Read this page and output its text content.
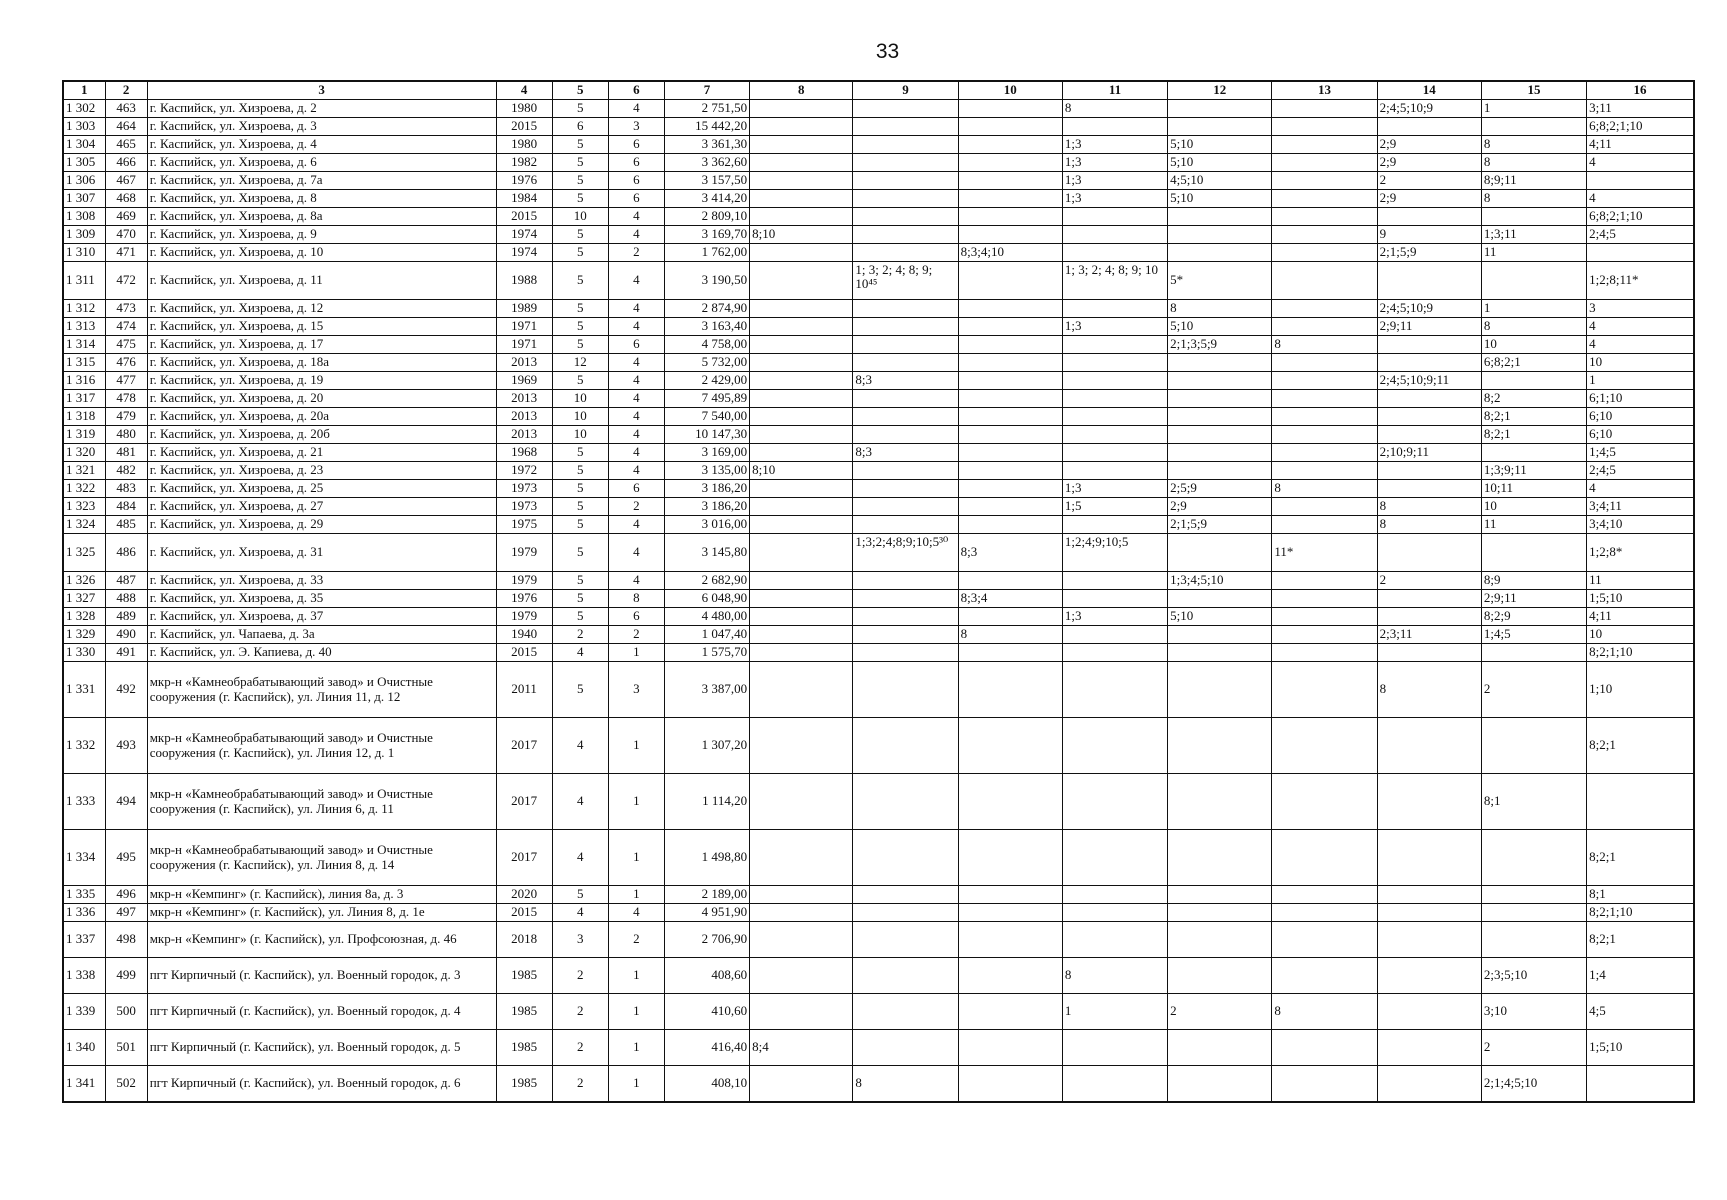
33
1	2	3	4	5	6	7	8	9	10	11	12	13	14	15	16
1 302	463	г. Каспийск, ул. Хизроева, д. 2	1980	5	4	2 751,50				8			2;4;5;10;9	1	3;11
1 303	464	г. Каспийск, ул. Хизроева, д. 3	2015	6	3	15 442,20									6;8;2;1;10
1 304	465	г. Каспийск, ул. Хизроева, д. 4	1980	5	6	3 361,30				1;3	5;10		2;9	8	4;11
1 305	466	г. Каспийск, ул. Хизроева, д. 6	1982	5	6	3 362,60				1;3	5;10		2;9	8	4
1 306	467	г. Каспийск, ул. Хизроева, д. 7а	1976	5	6	3 157,50				1;3	4;5;10		2	8;9;11	
1 307	468	г. Каспийск, ул. Хизроева, д. 8	1984	5	6	3 414,20				1;3	5;10		2;9	8	4
1 308	469	г. Каспийск, ул. Хизроева, д. 8а	2015	10	4	2 809,10									6;8;2;1;10
1 309	470	г. Каспийск, ул. Хизроева, д. 9	1974	5	4	3 169,70	8;10						9	1;3;11	2;4;5
1 310	471	г. Каспийск, ул. Хизроева, д. 10	1974	5	2	1 762,00			8;3;4;10				2;1;5;9	11	
1 311	472	г. Каспийск, ул. Хизроева, д. 11	1988	5	4	3 190,50		1; 3; 2; 4; 8; 9; 10⁴⁵		1; 3; 2; 4; 8; 9; 10	5*				1;2;8;11*
1 312	473	г. Каспийск, ул. Хизроева, д. 12	1989	5	4	2 874,90					8		2;4;5;10;9	1	3
1 313	474	г. Каспийск, ул. Хизроева, д. 15	1971	5	4	3 163,40				1;3	5;10		2;9;11	8	4
1 314	475	г. Каспийск, ул. Хизроева, д. 17	1971	5	6	4 758,00					2;1;3;5;9	8		10	4
1 315	476	г. Каспийск, ул. Хизроева, д. 18а	2013	12	4	5 732,00								6;8;2;1	10
1 316	477	г. Каспийск, ул. Хизроева, д. 19	1969	5	4	2 429,00		8;3					2;4;5;10;9;11		1
1 317	478	г. Каспийск, ул. Хизроева, д. 20	2013	10	4	7 495,89								8;2	6;1;10
1 318	479	г. Каспийск, ул. Хизроева, д. 20а	2013	10	4	7 540,00								8;2;1	6;10
1 319	480	г. Каспийск, ул. Хизроева, д. 20б	2013	10	4	10 147,30								8;2;1	6;10
1 320	481	г. Каспийск, ул. Хизроева, д. 21	1968	5	4	3 169,00		8;3					2;10;9;11		1;4;5
1 321	482	г. Каспийск, ул. Хизроева, д. 23	1972	5	4	3 135,00	8;10							1;3;9;11	2;4;5
1 322	483	г. Каспийск, ул. Хизроева, д. 25	1973	5	6	3 186,20				1;3	2;5;9	8		10;11	4
1 323	484	г. Каспийск, ул. Хизроева, д. 27	1973	5	2	3 186,20				1;5	2;9		8	10	3;4;11
1 324	485	г. Каспийск, ул. Хизроева, д. 29	1975	5	4	3 016,00					2;1;5;9		8	11	3;4;10
1 325	486	г. Каспийск, ул. Хизроева, д. 31	1979	5	4	3 145,80		1;3;2;4;8;9;10;5³⁰	8;3	1;2;4;9;10;5		11*			1;2;8*
1 326	487	г. Каспийск, ул. Хизроева, д. 33	1979	5	4	2 682,90					1;3;4;5;10		2	8;9	11
1 327	488	г. Каспийск, ул. Хизроева, д. 35	1976	5	8	6 048,90			8;3;4					2;9;11	1;5;10
1 328	489	г. Каспийск, ул. Хизроева, д. 37	1979	5	6	4 480,00				1;3	5;10			8;2;9	4;11
1 329	490	г. Каспийск, ул. Чапаева, д. 3а	1940	2	2	1 047,40			8				2;3;11	1;4;5	10
1 330	491	г. Каспийск, ул. Э. Капиева, д. 40	2015	4	1	1 575,70									8;2;1;10
1 331	492	мкр-н «Камнеобрабатывающий завод» и Очистные сооружения (г. Каспийск), ул. Линия 11, д. 12	2011	5	3	3 387,00							8	2	1;10
1 332	493	мкр-н «Камнеобрабатывающий завод» и Очистные сооружения (г. Каспийск), ул. Линия 12, д. 1	2017	4	1	1 307,20									8;2;1
1 333	494	мкр-н «Камнеобрабатывающий завод» и Очистные сооружения (г. Каспийск), ул. Линия 6, д. 11	2017	4	1	1 114,20								8;1	
1 334	495	мкр-н «Камнеобрабатывающий завод» и Очистные сооружения (г. Каспийск), ул. Линия 8, д. 14	2017	4	1	1 498,80									8;2;1
1 335	496	мкр-н «Кемпинг» (г. Каспийск), линия 8а, д. 3	2020	5	1	2 189,00									8;1
1 336	497	мкр-н «Кемпинг» (г. Каспийск), ул. Линия 8, д. 1е	2015	4	4	4 951,90									8;2;1;10
1 337	498	мкр-н «Кемпинг» (г. Каспийск), ул. Профсоюзная, д. 46	2018	3	2	2 706,90									8;2;1
1 338	499	пгт Кирпичный (г. Каспийск), ул. Военный городок, д. 3	1985	2	1	408,60				8				2;3;5;10	1;4
1 339	500	пгт Кирпичный (г. Каспийск), ул. Военный городок, д. 4	1985	2	1	410,60				1	2	8		3;10	4;5
1 340	501	пгт Кирпичный (г. Каспийск), ул. Военный городок, д. 5	1985	2	1	416,40	8;4							2	1;5;10
1 341	502	пгт Кирпичный (г. Каспийск), ул. Военный городок, д. 6	1985	2	1	408,10		8						2;1;4;5;10	
